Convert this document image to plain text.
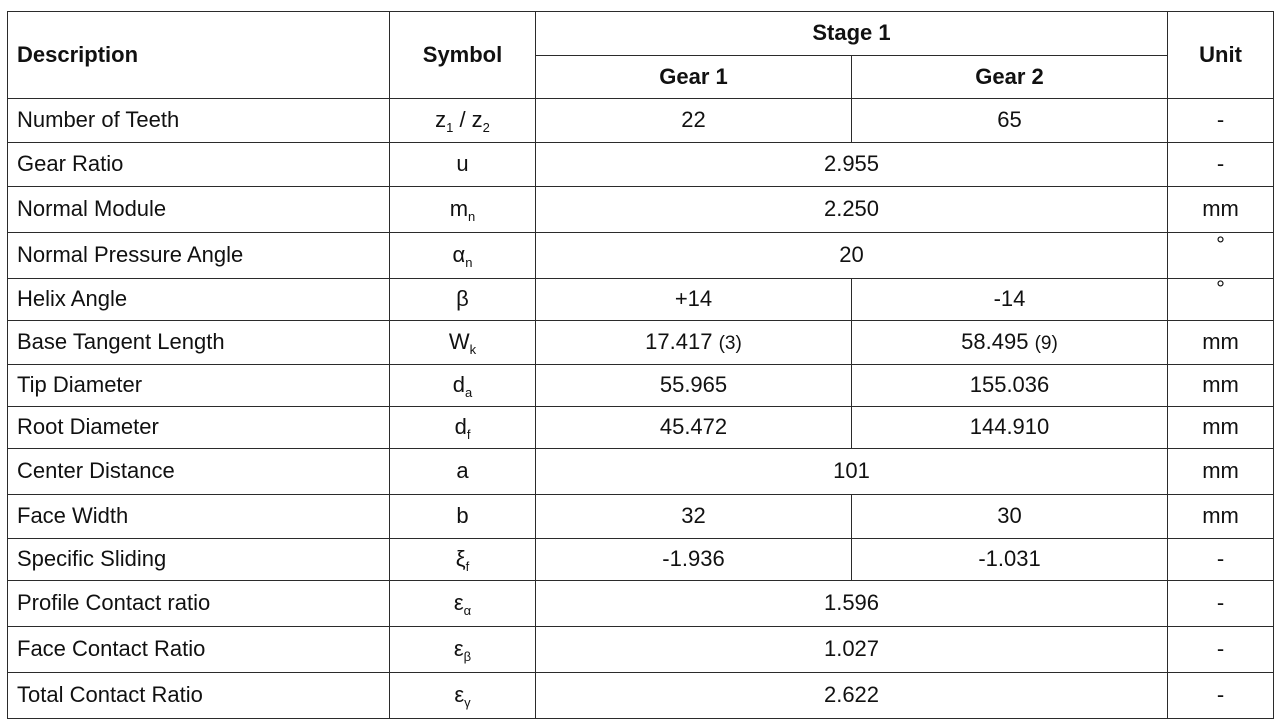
Description	Symbol	Stage 1		Unit
		Gear 1	Gear 2	
Number of Teeth	$z_1 / z_2$	22	65	-
Gear Ratio	u	2.955		-
Normal Module	$m_n$	2.250		mm
Normal Pressure Angle	$\alpha_n$	20		°
Helix Angle	β	+14	-14	°
Base Tangent Length	$W_k$	17.417 (3)	58.495 (9)	mm
Tip Diameter	$d_a$	55.965	155.036	mm
Root Diameter	$d_f$	45.472	144.910	mm
Center Distance	a	101		mm
Face Width	b	32	30	mm
Specific Sliding	$\xi_f$	-1.936	-1.031	-
Profile Contact ratio	$\varepsilon_\alpha$	1.596		-
Face Contact Ratio	$\varepsilon_\beta$	1.027		-
Total Contact Ratio	$\varepsilon_\gamma$	2.622		-
